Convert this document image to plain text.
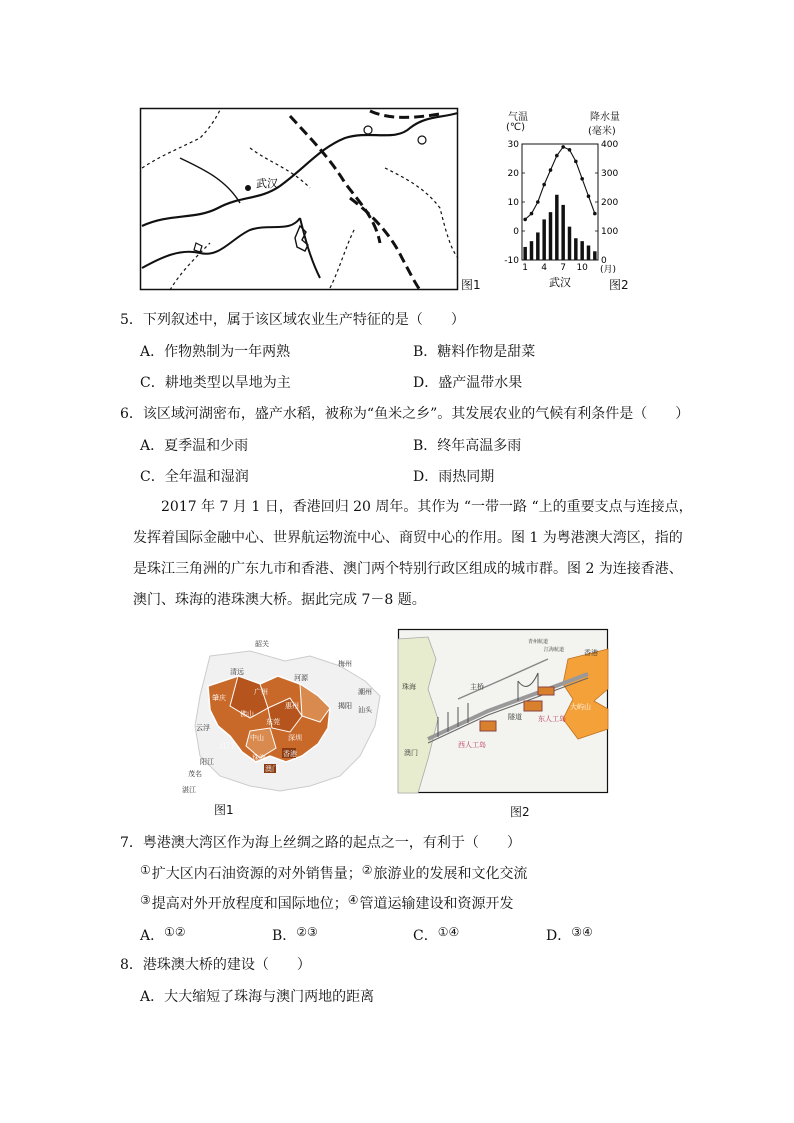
武汉
图1
气温
(℃)
降水量
(毫米)
30
20
10
0
-10
400
300
200
100
0
1 4 7 10 (月)
武汉	图2
5．下列叙述中，属于该区域农业生产特征的是（　　）
A．作物熟制为一年两熟	B．糖料作物是甜菜
C．耕地类型以旱地为主	D．盛产温带水果
6．该区域河湖密布，盛产水稻，被称为“鱼米之乡”。其发展农业的气候有利条件是（　　）
A．夏季温和少雨	B．终年高温多雨
C．全年温和湿润	D．雨热同期
2017 年 7 月 1 日，香港回归 20 周年。其作为 “一带一路 “上的重要支点与连接点，
发挥着国际金融中心、世界航运物流中心、商贸中心的作用。图 1 为粤港澳大湾区，指的
是珠江三角洲的广东九市和香港、澳门两个特别行政区组成的城市群。图 2 为连接香港、
澳门、珠海的港珠澳大桥。据此完成 7－8 题。
韶关
清远
梅州
河源
肇庆
广州
惠州
潮州
揭阳 汕头
云浮
佛山
东莞
深圳
江门
中山
香港
珠海
澳门
阳江
茂名
湛江
图1
珠海	主桥
隧道 东人工岛
西人工岛
澳门
香港
大屿山
青州航道
江海航道
图2
7．粤港澳大湾区作为海上丝绸之路的起点之一，有利于（　　）
①扩大区内石油资源的对外销售量；②旅游业的发展和文化交流
③提高对外开放程度和国际地位；④管道运输建设和资源开发
A．①②	B．②③	C．①④	D．③④
8．港珠澳大桥的建设（　　）
A．大大缩短了珠海与澳门两地的距离
